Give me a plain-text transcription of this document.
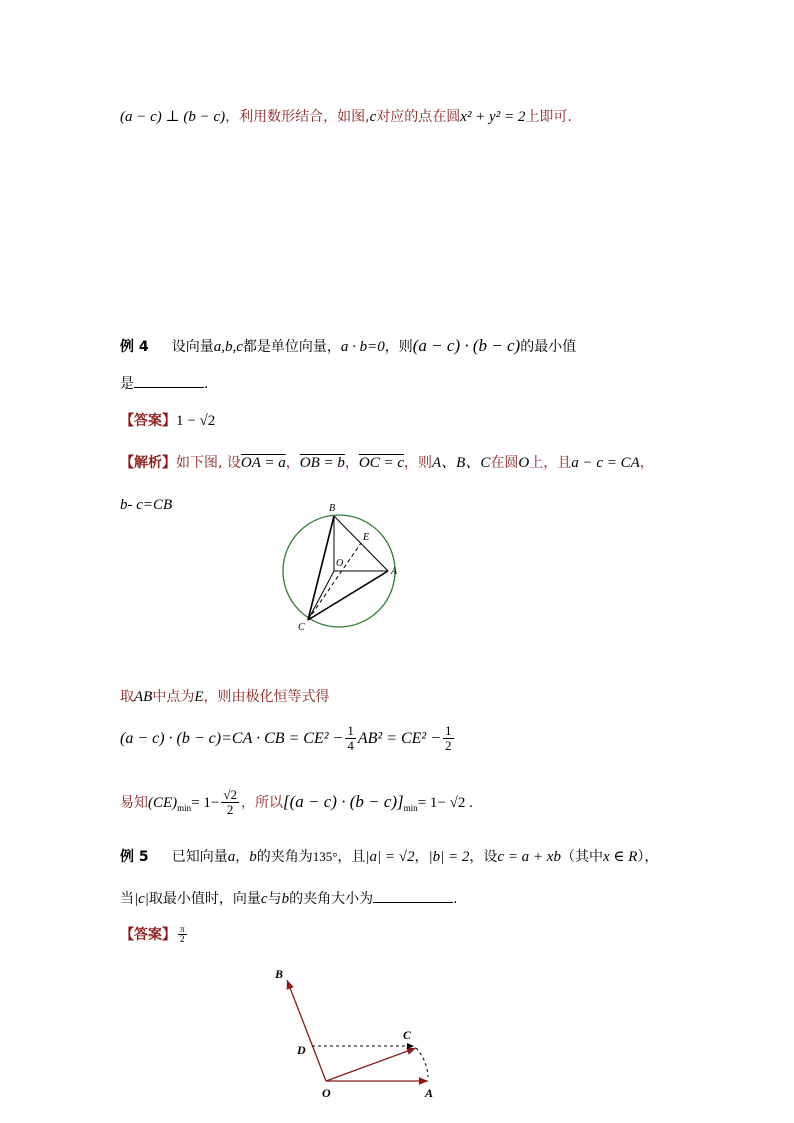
(a − c) ⊥ (b − c)，利用数形结合，如图,c对应的点在圆x² + y² = 2上即可.
例 4 设向量a,b,c都是单位向量，a · b=0，则(a − c) · (b − c)的最小值
是	.
【答案】1 − √2
【解析】如下图, 设OA = a，OB = b，OC = c，则A、B、C在圆O上，且a − c = CA，
b- c=CB	B
E
O
A
C
取AB中点为E，则由极化恒等式得
(a − c) · (b − c)=CA · CB = $CE^2 - \frac{1}{4} AB^2 = CE^2 - \frac{1}{2}$
易知$(CE)_{min}= 1- \frac{√2}{2}$ ，所以$[(a - c) \cdot (b - c)]_{min}= 1- √2$ .
例 5 已知向量a，b的夹角为135°，且|a| = √2，|b| = 2，设c = a + xb（其中x ∈ R），
当|c|取最小值时，向量c与b的夹角大小为	.
【答案】 $\frac{\pi}{2}$
B
C
D
O	A
